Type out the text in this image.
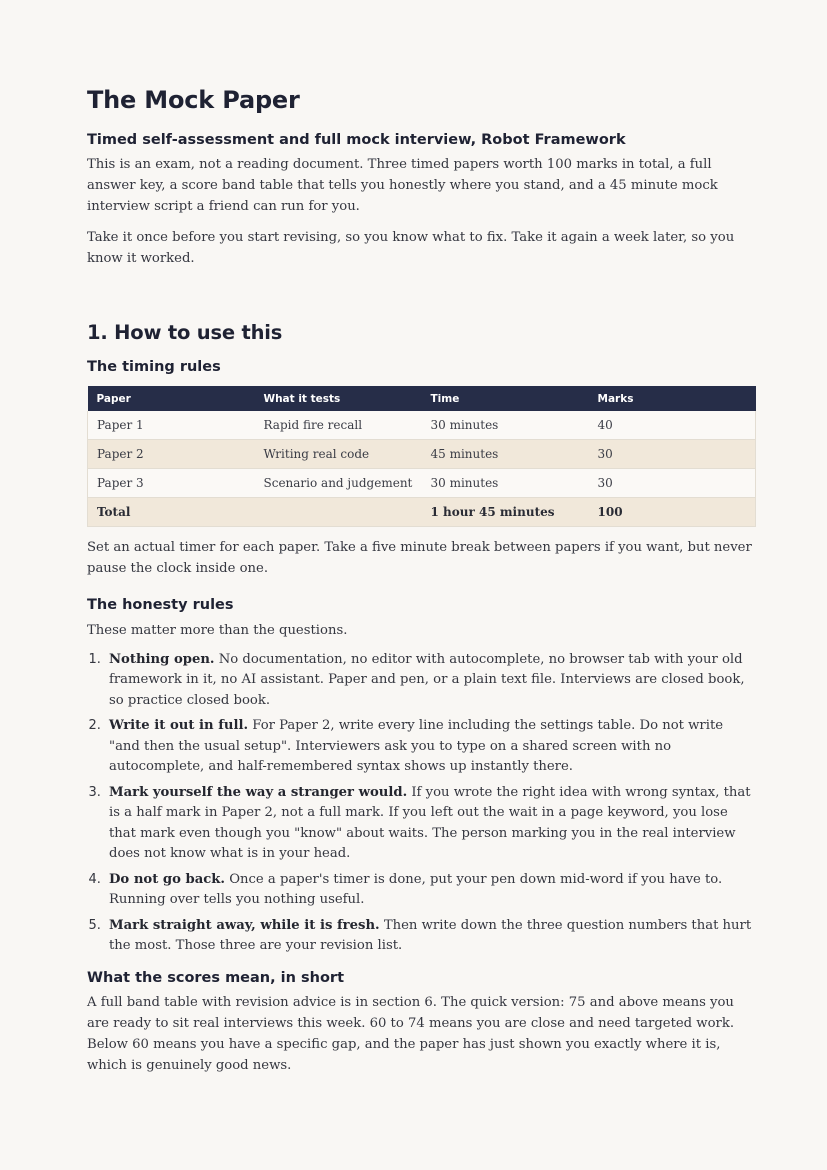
The Mock Paper
Timed self-assessment and full mock interview, Robot Framework

This is an exam, not a reading document. Three timed papers worth 100 marks in total, a full answer key, a score band table that tells you honestly where you stand, and a 45 minute mock interview script a friend can run for you.

Take it once before you start revising, so you know what to fix. Take it again a week later, so you know it worked.

1. How to use this
The timing rules
Paper	What it tests	Time	Marks
Paper 1	Rapid fire recall	30 minutes	40
Paper 2	Writing real code	45 minutes	30
Paper 3	Scenario and judgement	30 minutes	30
Total		1 hour 45 minutes	100

Set an actual timer for each paper. Take a five minute break between papers if you want, but never pause the clock inside one.

The honesty rules

These matter more than the questions.

1. Nothing open. No documentation, no editor with autocomplete, no browser tab with your old framework in it, no AI assistant. Paper and pen, or a plain text file. Interviews are closed book, so practice closed book.
2. Write it out in full. For Paper 2, write every line including the settings table. Do not write "and then the usual setup". Interviewers ask you to type on a shared screen with no autocomplete, and half-remembered syntax shows up instantly there.
3. Mark yourself the way a stranger would. If you wrote the right idea with wrong syntax, that is a half mark in Paper 2, not a full mark. If you left out the wait in a page keyword, you lose that mark even though you "know" about waits. The person marking you in the real interview does not know what is in your head.
4. Do not go back. Once a paper's timer is done, put your pen down mid-word if you have to. Running over tells you nothing useful.
5. Mark straight away, while it is fresh. Then write down the three question numbers that hurt the most. Those three are your revision list.
What the scores mean, in short

A full band table with revision advice is in section 6. The quick version: 75 and above means you are ready to sit real interviews this week. 60 to 74 means you are close and need targeted work. Below 60 means you have a specific gap, and the paper has just shown you exactly where it is, which is genuinely good news.
